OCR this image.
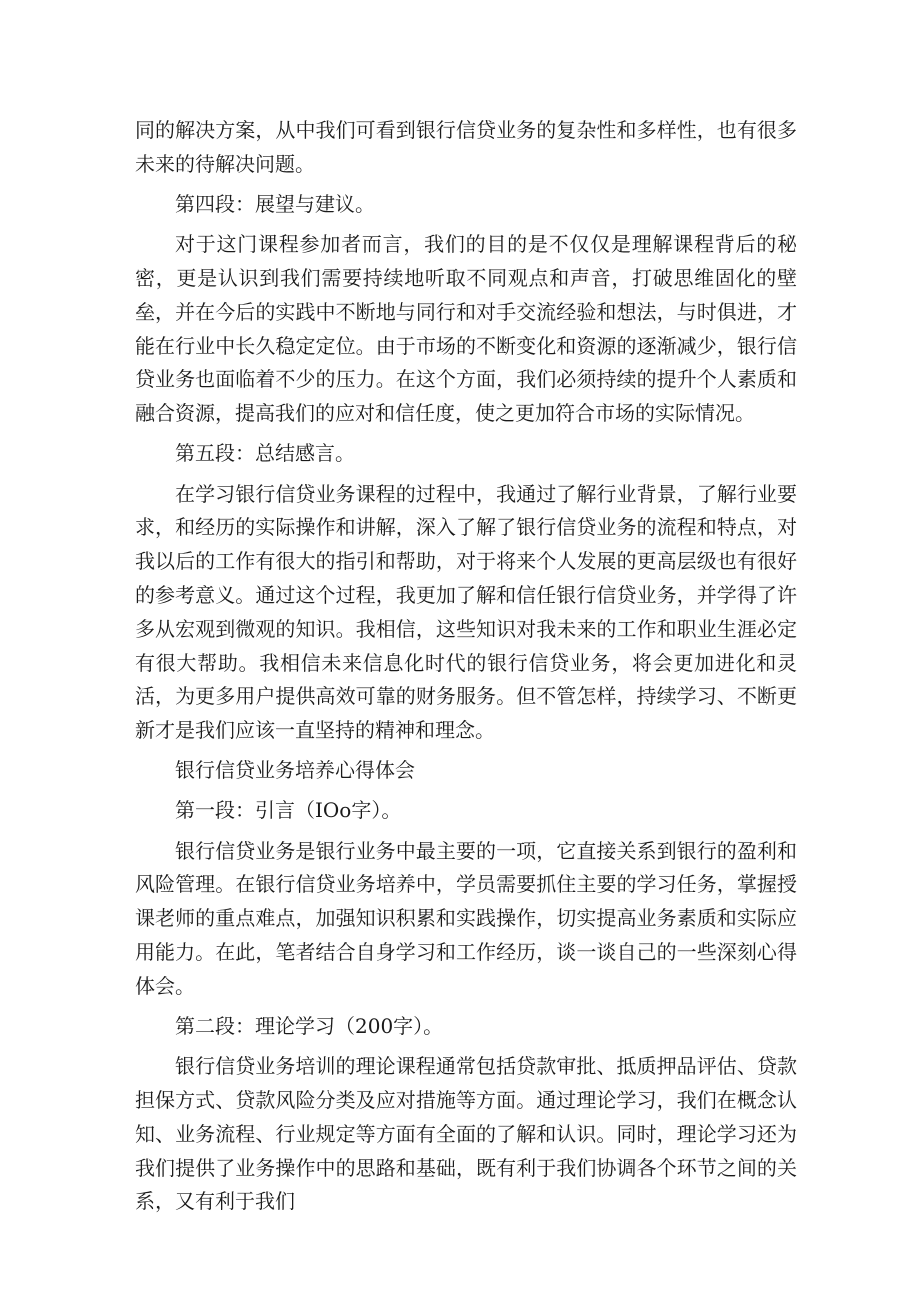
同的解决方案，从中我们可看到银行信贷业务的复杂性和多样性，也有很多未来的待解决问题。

第四段：展望与建议。

对于这门课程参加者而言，我们的目的是不仅仅是理解课程背后的秘密，更是认识到我们需要持续地听取不同观点和声音，打破思维固化的壁垒，并在今后的实践中不断地与同行和对手交流经验和想法，与时俱进，才能在行业中长久稳定定位。由于市场的不断变化和资源的逐渐减少，银行信贷业务也面临着不少的压力。在这个方面，我们必须持续的提升个人素质和融合资源，提高我们的应对和信任度，使之更加符合市场的实际情况。

第五段：总结感言。

在学习银行信贷业务课程的过程中，我通过了解行业背景，了解行业要求，和经历的实际操作和讲解，深入了解了银行信贷业务的流程和特点，对我以后的工作有很大的指引和帮助，对于将来个人发展的更高层级也有很好的参考意义。通过这个过程，我更加了解和信任银行信贷业务，并学得了许多从宏观到微观的知识。我相信，这些知识对我未来的工作和职业生涯必定有很大帮助。我相信未来信息化时代的银行信贷业务，将会更加进化和灵活，为更多用户提供高效可靠的财务服务。但不管怎样，持续学习、不断更新才是我们应该一直坚持的精神和理念。

银行信贷业务培养心得体会

第一段：引言（IOo字）。

银行信贷业务是银行业务中最主要的一项，它直接关系到银行的盈利和风险管理。在银行信贷业务培养中，学员需要抓住主要的学习任务，掌握授课老师的重点难点，加强知识积累和实践操作，切实提高业务素质和实际应用能力。在此，笔者结合自身学习和工作经历，谈一谈自己的一些深刻心得体会。

第二段：理论学习（200字）。

银行信贷业务培训的理论课程通常包括贷款审批、抵质押品评估、贷款担保方式、贷款风险分类及应对措施等方面。通过理论学习，我们在概念认知、业务流程、行业规定等方面有全面的了解和认识。同时，理论学习还为我们提供了业务操作中的思路和基础，既有利于我们协调各个环节之间的关系，又有利于我们
